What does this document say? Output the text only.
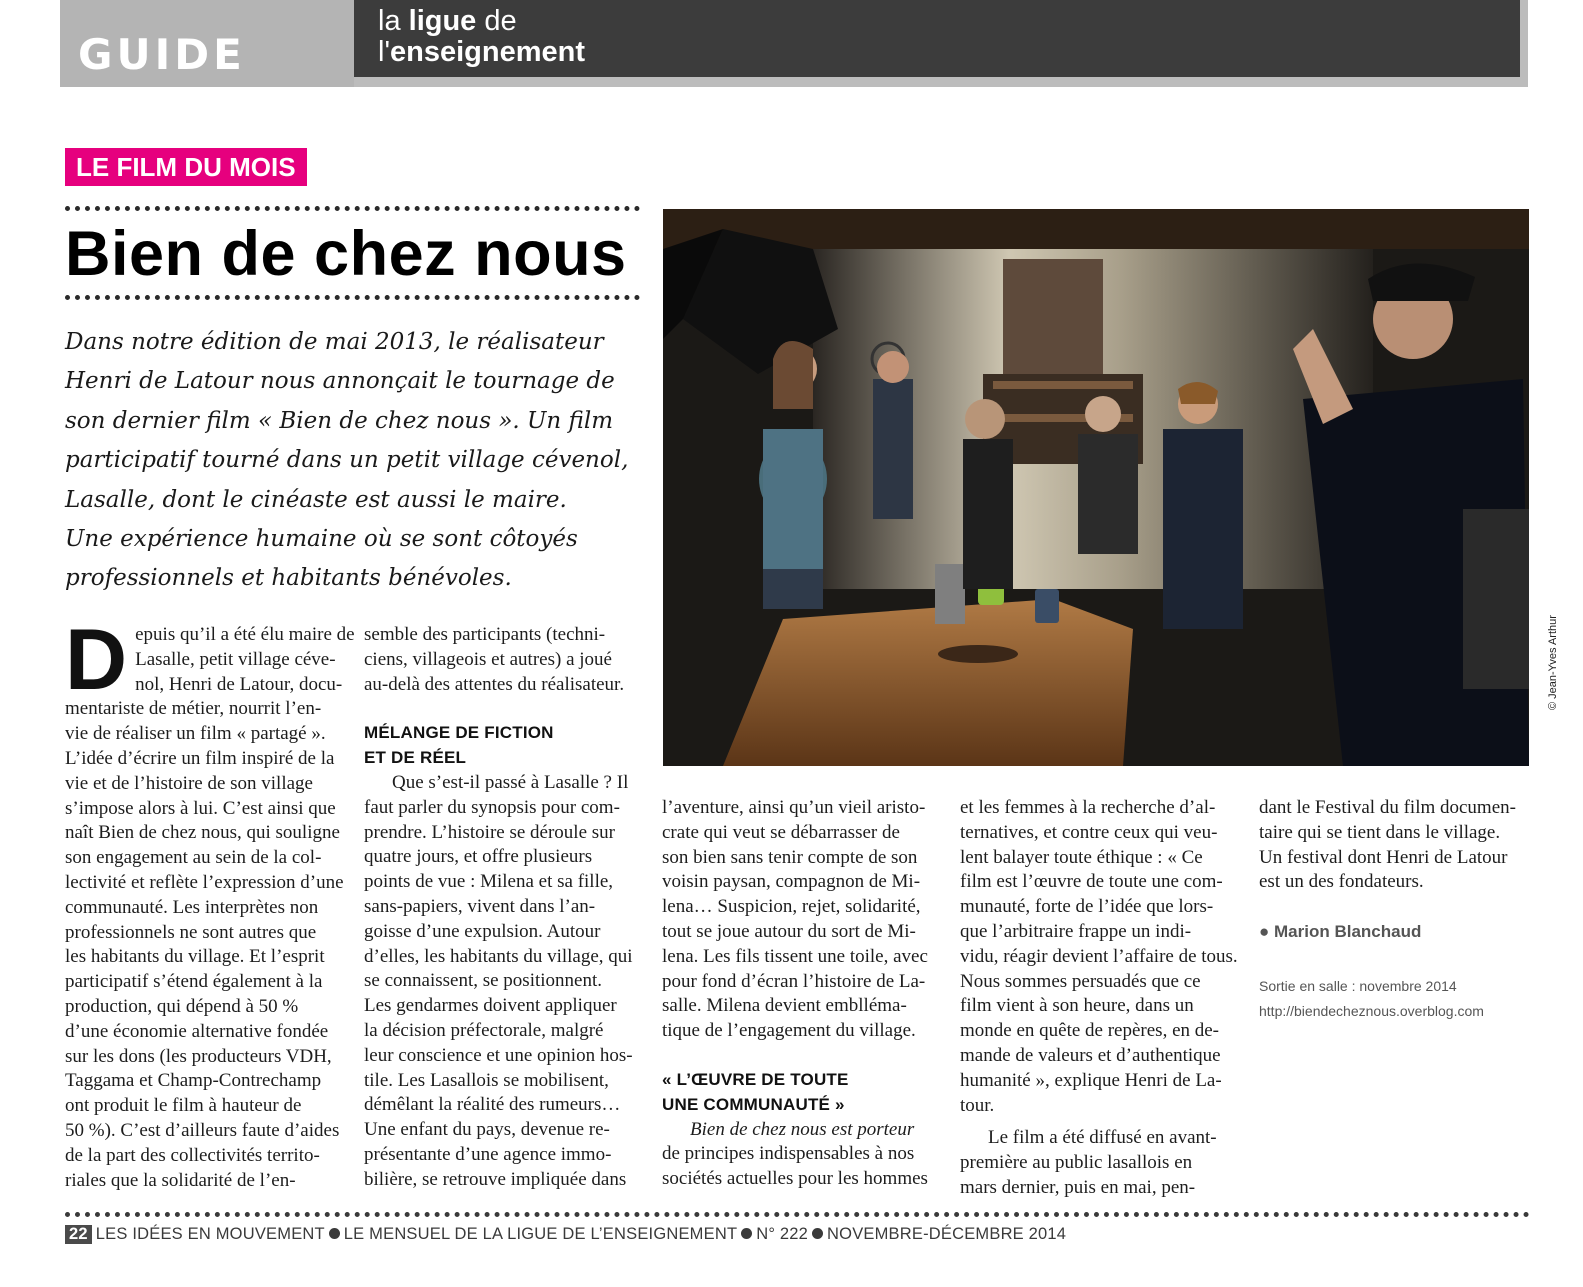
GUIDE
la ligue de
l'enseignement
LE FILM DU MOIS
Bien de chez nous
Dans notre édition de mai 2013, le réalisateur
Henri de Latour nous annonçait le tournage de
son dernier film « Bien de chez nous ». Un film
participatif tourné dans un petit village cévenol,
Lasalle, dont le cinéaste est aussi le maire.
Une expérience humaine où se sont côtoyés
professionnels et habitants bénévoles.
© Jean-Yves Arthur
D epuis qu’il a été élu maire de
Lasalle, petit village céve-
nol, Henri de Latour, docu-
mentariste de métier, nourrit l’en-
vie de réaliser un film « partagé ».
L’idée d’écrire un film inspiré de la
vie et de l’histoire de son village
s’impose alors à lui. C’est ainsi que
naît Bien de chez nous, qui souligne
son engagement au sein de la col-
lectivité et reflète l’expression d’une
communauté. Les interprètes non
professionnels ne sont autres que
les habitants du village. Et l’esprit
participatif s’étend également à la
production, qui dépend à 50 %
d’une économie alternative fondée
sur les dons (les producteurs VDH,
Taggama et Champ-Contrechamp
ont produit le film à hauteur de
50 %). C’est d’ailleurs faute d’aides
de la part des collectivités territo-
riales que la solidarité de l’en-

semble des participants (techni-
ciens, villageois et autres) a joué
au-delà des attentes du réalisateur.

MÉLANGE DE FICTION
ET DE RÉEL

Que s’est-il passé à Lasalle ? Il
faut parler du synopsis pour com-
prendre. L’histoire se déroule sur
quatre jours, et offre plusieurs
points de vue : Milena et sa fille,
sans-papiers, vivent dans l’an-
goisse d’une expulsion. Autour
d’elles, les habitants du village, qui
se connaissent, se positionnent.
Les gendarmes doivent appliquer
la décision préfectorale, malgré
leur conscience et une opinion hos-
tile. Les Lasallois se mobilisent,
démêlant la réalité des rumeurs…
Une enfant du pays, devenue re-
présentante d’une agence immo-
bilière, se retrouve impliquée dans

l’aventure, ainsi qu’un vieil aristo-
crate qui veut se débarrasser de
son bien sans tenir compte de son
voisin paysan, compagnon de Mi-
lena… Suspicion, rejet, solidarité,
tout se joue autour du sort de Mi-
lena. Les fils tissent une toile, avec
pour fond d’écran l’histoire de La-
salle. Milena devient emblléma-
tique de l’engagement du village.

« L’ŒUVRE DE TOUTE
UNE COMMUNAUTÉ »

Bien de chez nous est porteur
de principes indispensables à nos
sociétés actuelles pour les hommes

et les femmes à la recherche d’al-
ternatives, et contre ceux qui veu-
lent balayer toute éthique : « Ce
film est l’œuvre de toute une com-
munauté, forte de l’idée que lors-
que l’arbitraire frappe un indi-
vidu, réagir devient l’affaire de tous.
Nous sommes persuadés que ce
film vient à son heure, dans un
monde en quête de repères, en de-
mande de valeurs et d’authentique
humanité », explique Henri de La-
tour.

Le film a été diffusé en avant-
première au public lasallois en
mars dernier, puis en mai, pen-

dant le Festival du film documen-
taire qui se tient dans le village.
Un festival dont Henri de Latour
est un des fondateurs.

● Marion Blanchaud
Sortie en salle : novembre 2014
http://biendecheznous.overblog.com
22 LES IDÉES EN MOUVEMENT LE MENSUEL DE LA LIGUE DE L’ENSEIGNEMENT N° 222 NOVEMBRE-DÉCEMBRE 2014
